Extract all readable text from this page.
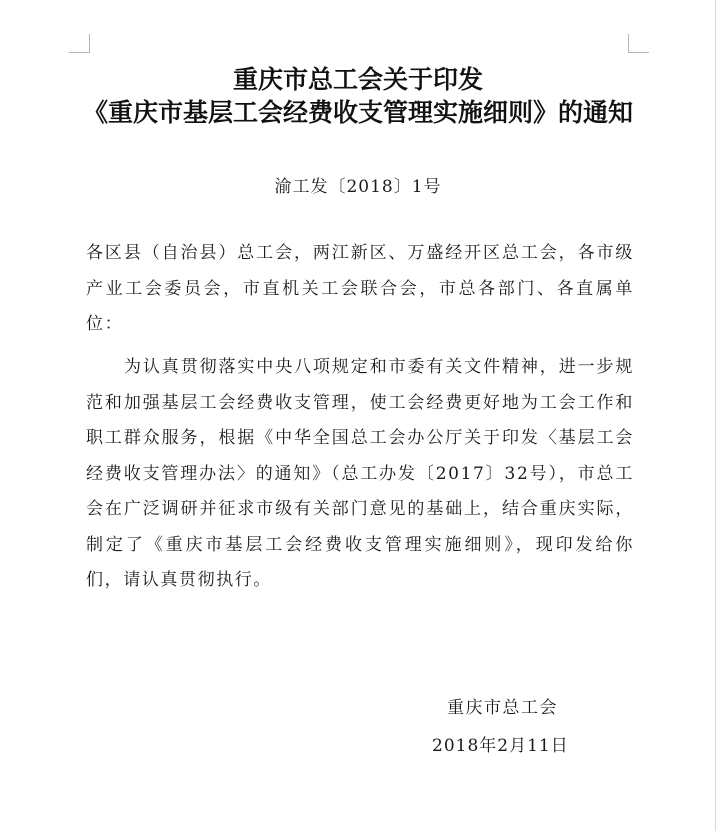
重庆市总工会关于印发
《重庆市基层工会经费收支管理实施细则》的通知
渝工发〔2018〕1号
各区县（自治县）总工会，两江新区、万盛经开区总工会，各市级产业工会委员会，市直机关工会联合会，市总各部门、各直属单位：
为认真贯彻落实中央八项规定和市委有关文件精神，进一步规范和加强基层工会经费收支管理，使工会经费更好地为工会工作和职工群众服务，根据《中华全国总工会办公厅关于印发〈基层工会经费收支管理办法〉的通知》（总工办发〔2017〕32号），市总工会在广泛调研并征求市级有关部门意见的基础上，结合重庆实际，制定了《重庆市基层工会经费收支管理实施细则》，现印发给你们，请认真贯彻执行。
重庆市总工会
2018年2月11日
